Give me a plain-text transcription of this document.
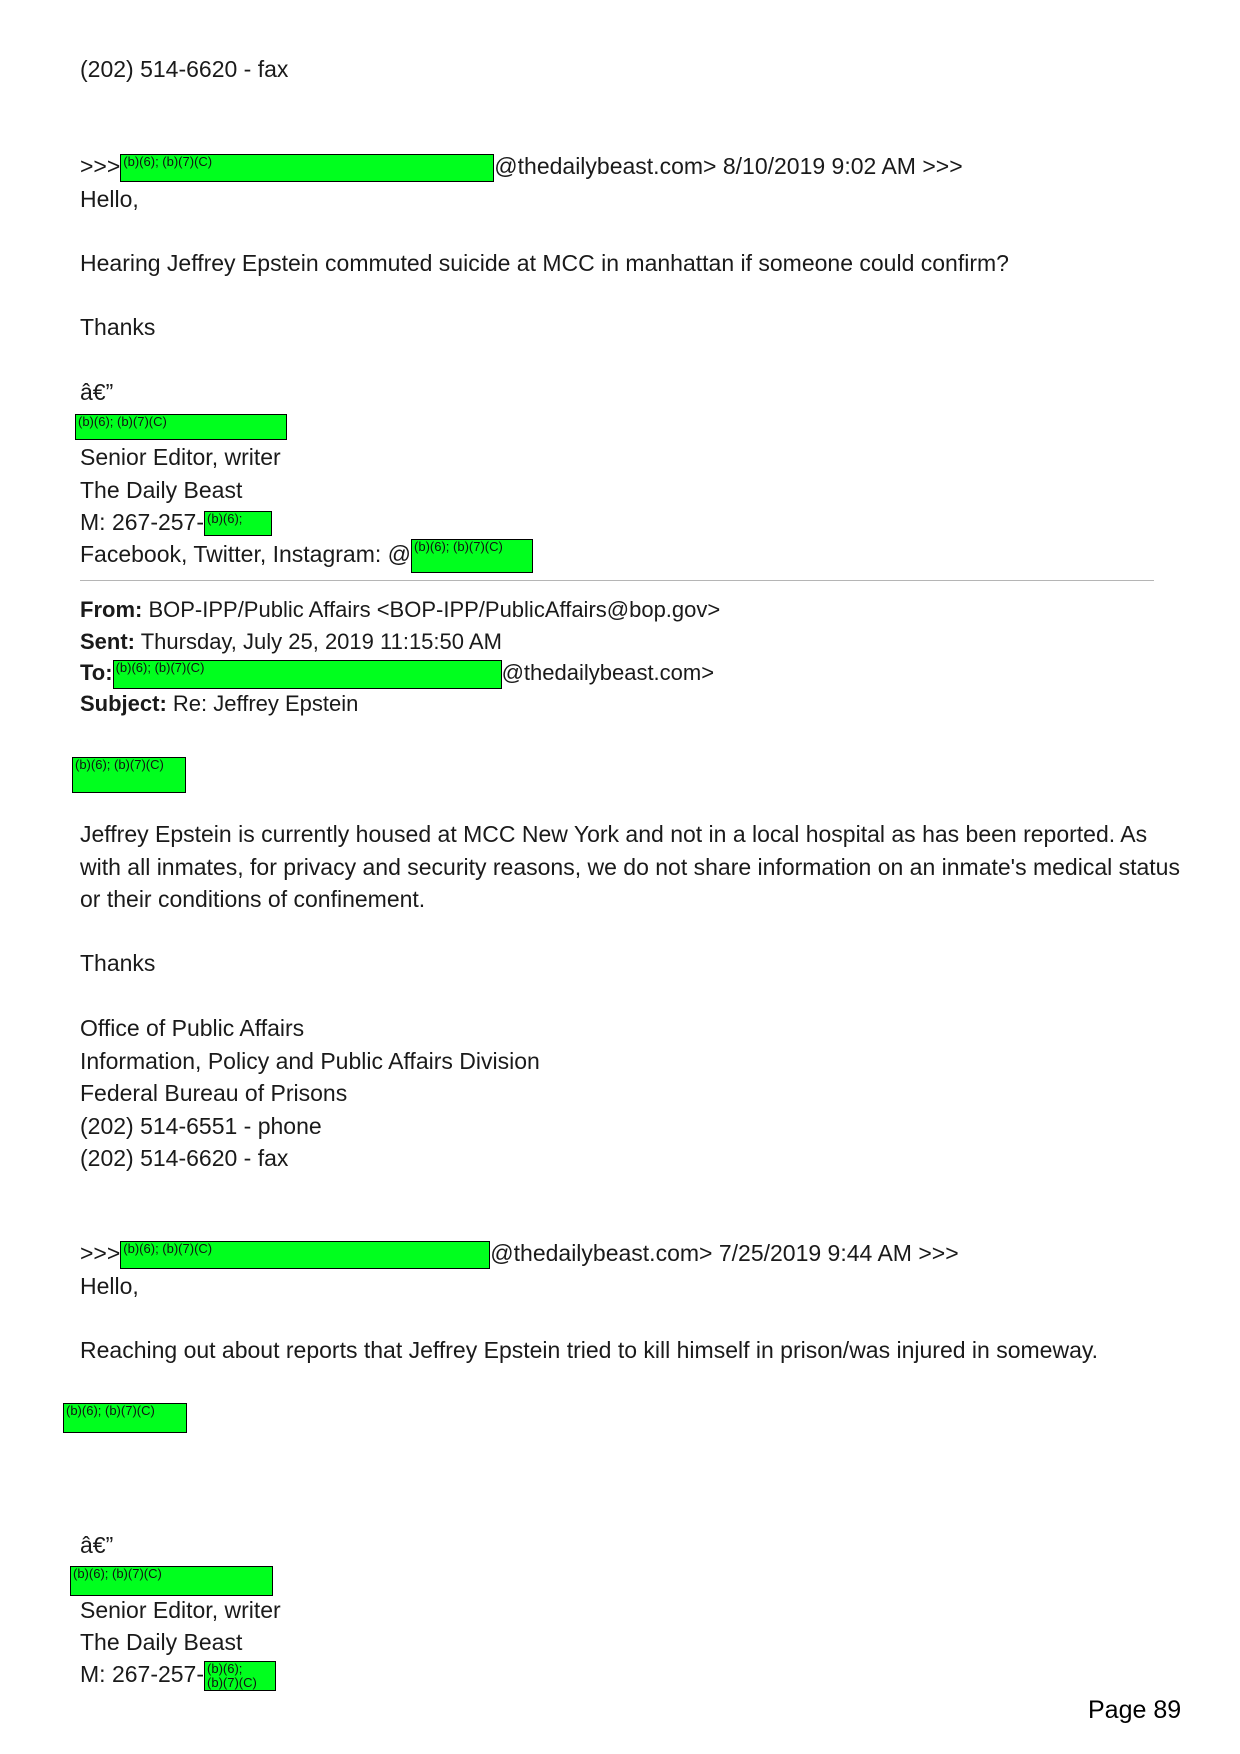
(202) 514-6620 - fax
>>> (b)(6); (b)(7)(C)	@thedailybeast.com> 8/10/2019 9:02 AM >>>
Hello,
Hearing Jeffrey Epstein commuted suicide at MCC in manhattan if someone could confirm?
Thanks
â€”
(b)(6); (b)(7)(C)
Senior Editor, writer
The Daily Beast
M: 267-257- (b)(6);
Facebook, Twitter, Instagram: @ (b)(6); (b)(7)(C)
From: BOP-IPP/Public Affairs <BOP-IPP/PublicAffairs@bop.gov>
Sent: Thursday, July 25, 2019 11:15:50 AM
To: (b)(6); (b)(7)(C)	@thedailybeast.com>
Subject: Re: Jeffrey Epstein
(b)(6); (b)(7)(C)
Jeffrey Epstein is currently housed at MCC New York and not in a local hospital as has been reported. As with all inmates, for privacy and security reasons, we do not share information on an inmate's medical status or their conditions of confinement.
Thanks
Office of Public Affairs
Information, Policy and Public Affairs Division
Federal Bureau of Prisons
(202) 514-6551 - phone
(202) 514-6620 - fax
>>> (b)(6); (b)(7)(C)	@thedailybeast.com> 7/25/2019 9:44 AM >>>
Hello,
Reaching out about reports that Jeffrey Epstein tried to kill himself in prison/was injured in someway.
(b)(6); (b)(7)(C)
â€”
(b)(6); (b)(7)(C)
Senior Editor, writer
The Daily Beast
M: 267-257- (b)(6);
(b)(7)(C)
Page 89
